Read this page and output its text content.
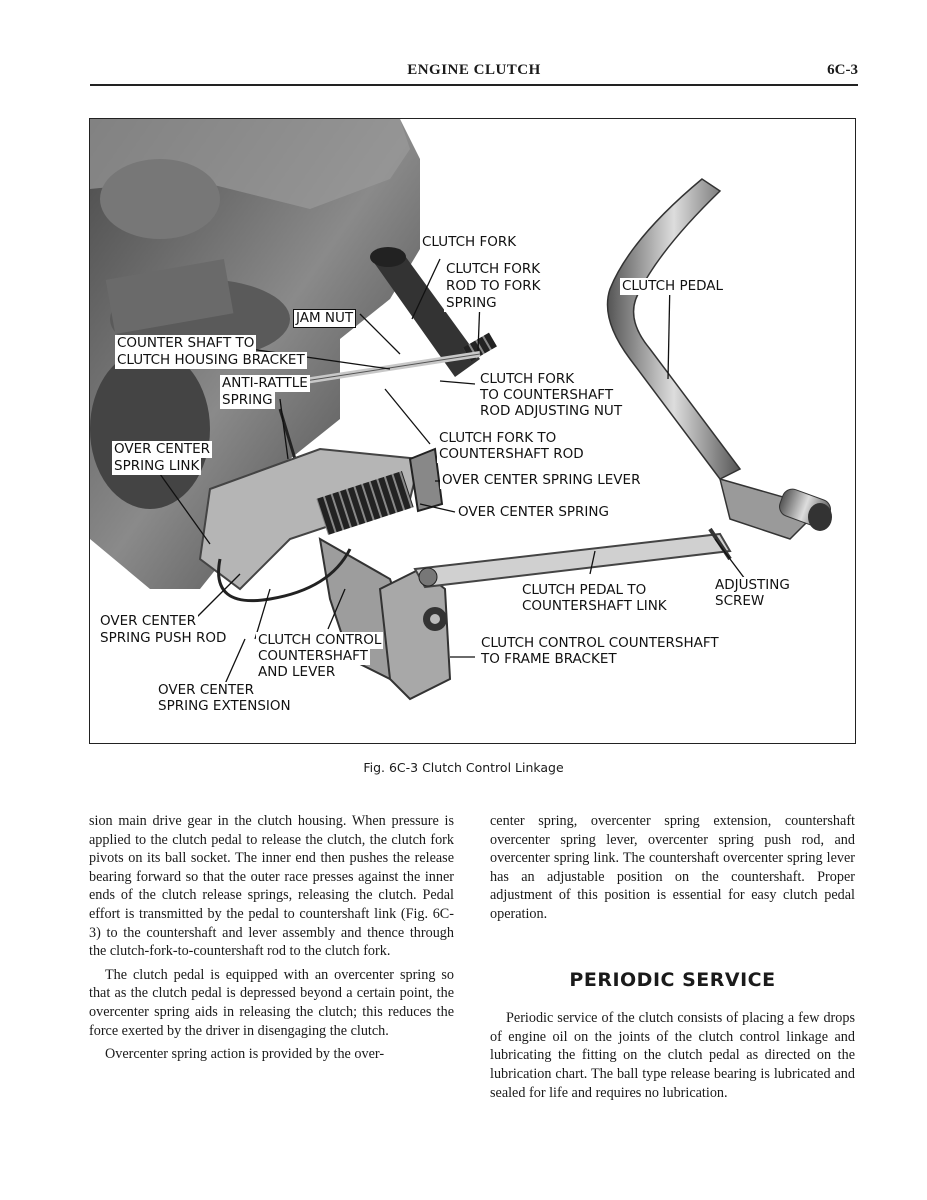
ENGINE CLUTCH	6C-3
CLUTCH FORK
CLUTCH FORK
ROD TO FORK
SPRING
CLUTCH PEDAL
JAM NUT
COUNTER SHAFT TO
CLUTCH HOUSING BRACKET
ANTI-RATTLE
SPRING
CLUTCH FORK
TO COUNTERSHAFT
ROD ADJUSTING NUT
CLUTCH FORK TO
COUNTERSHAFT ROD
OVER CENTER
SPRING LINK
OVER CENTER SPRING LEVER
OVER CENTER SPRING
CLUTCH PEDAL TO
COUNTERSHAFT LINK
ADJUSTING
SCREW
OVER CENTER
SPRING PUSH ROD CLUTCH CONTROL
COUNTERSHAFT
AND LEVER
CLUTCH CONTROL COUNTERSHAFT
TO FRAME BRACKET
OVER CENTER
SPRING EXTENSION
Fig. 6C-3 Clutch Control Linkage

sion main drive gear in the clutch housing. When pressure is applied to the clutch pedal to release the clutch, the clutch fork pivots on its ball socket. The inner end then pushes the release bearing forward so that the outer race presses against the inner ends of the clutch release springs, releasing the clutch. Pedal effort is transmitted by the pedal to countershaft link (Fig. 6C-3) to the countershaft and lever assembly and thence through the clutch-fork-to-countershaft rod to the clutch fork.

The clutch pedal is equipped with an overcenter spring so that as the clutch pedal is depressed beyond a certain point, the overcenter spring aids in releasing the clutch; this reduces the force exerted by the driver in disengaging the clutch.

Overcenter spring action is provided by the over-

center spring, overcenter spring extension, countershaft overcenter spring lever, overcenter spring push rod, and overcenter spring link. The countershaft overcenter spring lever has an adjustable position on the countershaft. Proper adjustment of this position is essential for easy clutch pedal operation.

PERIODIC SERVICE

Periodic service of the clutch consists of placing a few drops of engine oil on the joints of the clutch control linkage and lubricating the fitting on the clutch pedal as directed on the lubrication chart. The ball type release bearing is lubricated and sealed for life and requires no lubrication.
